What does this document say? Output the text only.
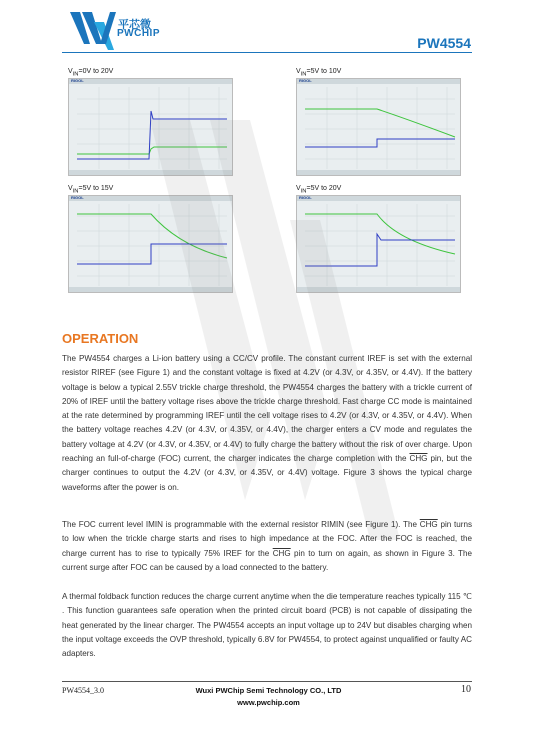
平芯微
PWCHIP
PW4554
$V_{IN}=0V$ to 20V	$V_{IN}=5V$ to 10V
$V_{IN}=5V$ to 15V	$V_{IN}=5V$ to 20V
RIGOL	RIGOL
RIGOL	RIGOL
OPERATION

The PW4554 charges a Li-ion battery using a CC/CV profile. The constant current IREF is set with the external resistor RIREF (see Figure 1) and the constant voltage is fixed at 4.2V (or 4.3V, or 4.35V, or 4.4V). If the battery voltage is below a typical 2.55V trickle charge threshold, the PW4554 charges the battery with a trickle current of 20% of IREF until the battery voltage rises above the trickle charge threshold. Fast charge CC mode is maintained at the rate determined by programming IREF until the cell voltage rises to 4.2V (or 4.3V, or 4.35V, or 4.4V). When the battery voltage reaches 4.2V (or 4.3V, or 4.35V, or 4.4V), the charger enters a CV mode and regulates the battery voltage at 4.2V (or 4.3V, or 4.35V, or 4.4V) to fully charge the battery without the risk of over charge. Upon reaching an full-of-charge (FOC) current, the charger indicates the charge completion with the $\overline{CHG}$ pin, but the charger continues to output the 4.2V (or 4.3V, or 4.35V, or 4.4V) voltage. Figure 3 shows the typical charge waveforms after the power is on.

The FOC current level IMIN is programmable with the external resistor RIMIN (see Figure 1). The $\overline{CHG}$ pin turns to low when the trickle charge starts and rises to high impedance at the FOC. After the FOC is reached, the charge current has to rise to typically 75% IREF for the $\overline{CHG}$ pin to turn on again, as shown in Figure 3. The current surge after FOC can be caused by a load connected to the battery.

A thermal foldback function reduces the charge current anytime when the die temperature reaches typically 115 ℃ . This function guarantees safe operation when the printed circuit board (PCB) is not capable of dissipating the heat generated by the linear charger. The PW4554 accepts an input voltage up to 24V but disables charging when the input voltage exceeds the OVP threshold, typically 6.8V for PW4554, to protect against unqualified or faulty AC adapters.

PW4554_3.0	Wuxi PWChip Semi Technology CO., LTD
www.pwchip.com
10
